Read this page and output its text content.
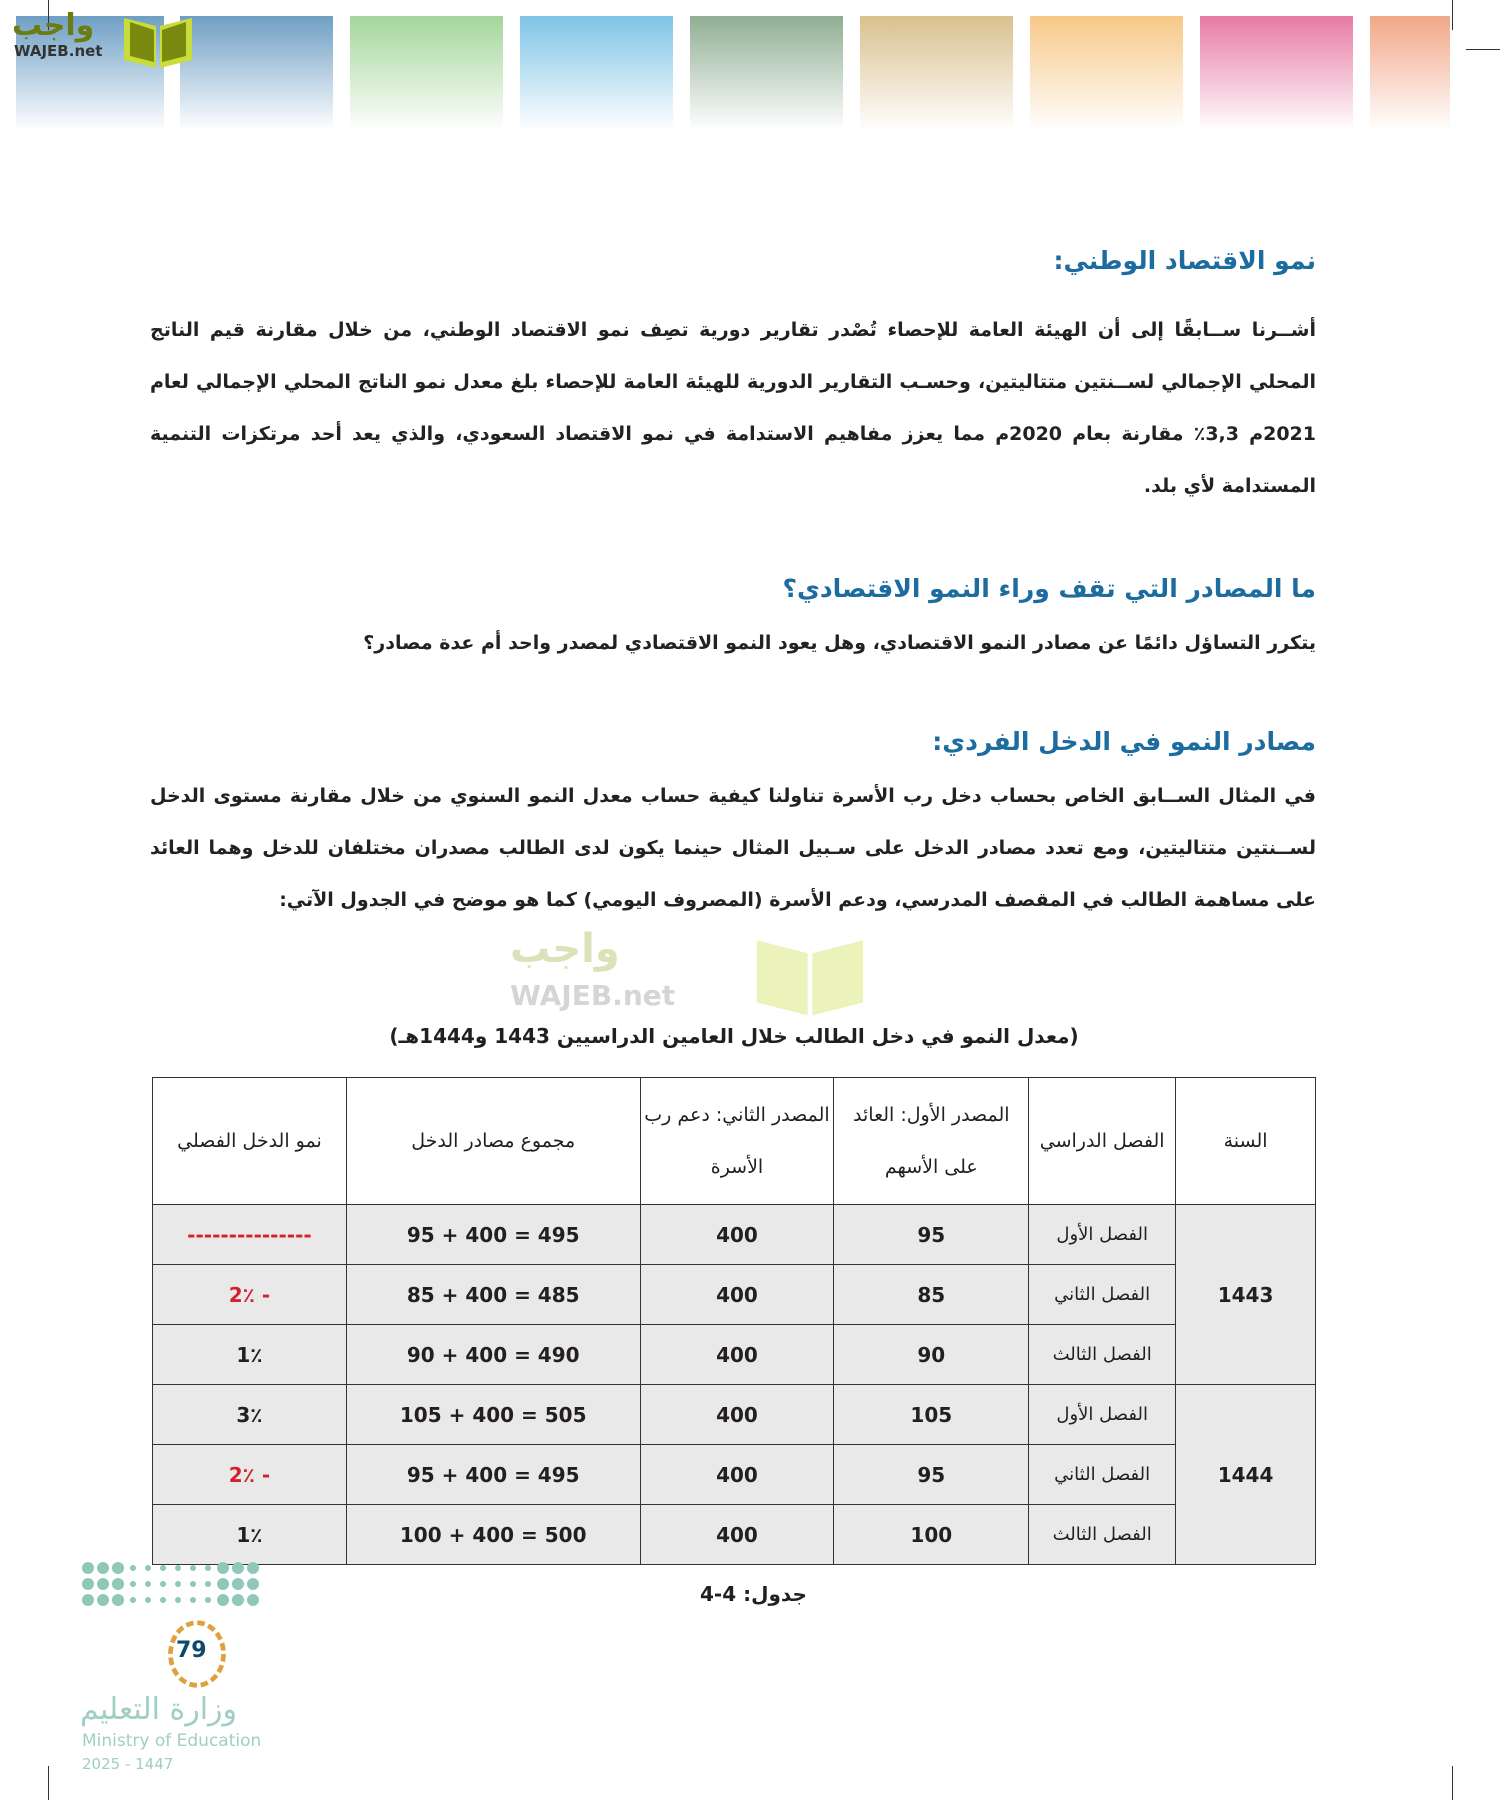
واجب
WAJEB.net
نمو الاقتصاد الوطني:

أشــرنا ســابقًا إلى أن الهيئة العامة للإحصاء تُصْدر تقارير دورية تصِف نمو الاقتصاد الوطني، من خلال مقارنة قيم الناتج المحلي الإجمالي لســنتين متتاليتين، وحسـب التقارير الدورية للهيئة العامة للإحصاء بلغ معدل نمو الناتج المحلي الإجمالي لعام 2021م 3,3٪ مقارنة بعام 2020م مما يعزز مفاهيم الاستدامة في نمو الاقتصاد السعودي، والذي يعد أحد مرتكزات التنمية المستدامة لأي بلد.

ما المصادر التي تقف وراء النمو الاقتصادي؟

يتكرر التساؤل دائمًا عن مصادر النمو الاقتصادي، وهل يعود النمو الاقتصادي لمصدر واحد أم عدة مصادر؟

مصادر النمو في الدخل الفردي:

في المثال الســابق الخاص بحساب دخل رب الأسرة تناولنا كيفية حساب معدل النمو السنوي من خلال مقارنة مستوى الدخل لســنتين متتاليتين، ومع تعدد مصادر الدخل على سـبيل المثال حينما يكون لدى الطالب مصدران مختلفان للدخل وهما العائد على مساهمة الطالب في المقصف المدرسي، ودعم الأسرة (المصروف اليومي) كما هو موضح في الجدول الآتي:

واجب
WAJEB.net
(معدل النمو في دخل الطالب خلال العامين الدراسيين 1443 و1444هـ)
السنة	الفصل الدراسي	المصدر الأول: العائد على الأسهم	المصدر الثاني: دعم رب الأسرة	مجموع مصادر الدخل	نمو الدخل الفصلي
1443	الفصل الأول	95	400	95 + 400 = 495	---------------
	الفصل الثاني	85	400	85 + 400 = 485	- 2٪
	الفصل الثالث	90	400	90 + 400 = 490	1٪
1444	الفصل الأول	105	400	105 + 400 = 505	3٪
	الفصل الثاني	95	400	95 + 400 = 495	- 2٪
	الفصل الثالث	100	400	100 + 400 = 500	1٪
جدول: 4-4
وزارة التعليم
Ministry of Education
2025 - 1447
79
